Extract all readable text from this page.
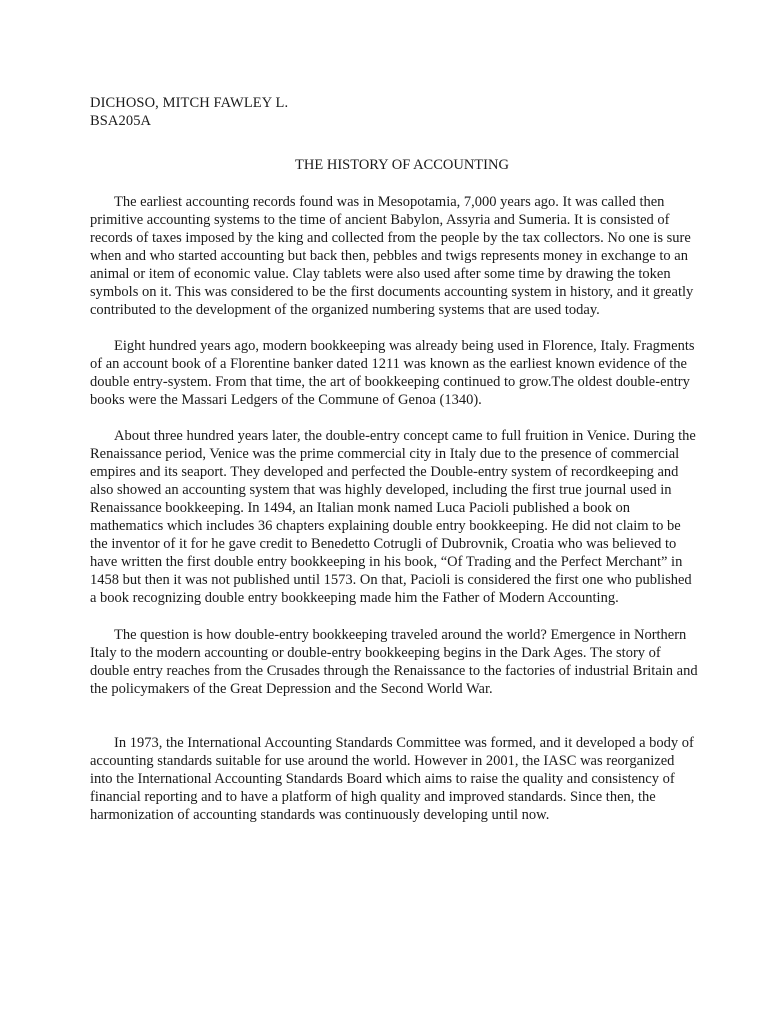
DICHOSO, MITCH FAWLEY L.

BSA205A

THE HISTORY OF ACCOUNTING

The earliest accounting records found was in Mesopotamia, 7,000 years ago. It was called then primitive accounting systems to the time of ancient Babylon, Assyria and Sumeria. It is consisted of records of taxes imposed by the king and collected from the people by the tax collectors. No one is sure when and who started accounting but back then, pebbles and twigs represents money in exchange to an animal or item of economic value. Clay tablets were also used after some time by drawing the token symbols on it. This was considered to be the first documents accounting system in history, and it greatly contributed to the development of the organized numbering systems that are used today.

Eight hundred years ago, modern bookkeeping was already being used in Florence, Italy. Fragments of an account book of a Florentine banker dated 1211 was known as the earliest known evidence of the double entry-system. From that time, the art of bookkeeping continued to grow.The oldest double-entry books were the Massari Ledgers of the Commune of Genoa (1340).

About three hundred years later, the double-entry concept came to full fruition in Venice. During the Renaissance period, Venice was the prime commercial city in Italy due to the presence of commercial empires and its seaport. They developed and perfected the Double-entry system of recordkeeping and also showed an accounting system that was highly developed, including the first true journal used in Renaissance bookkeeping. In 1494, an Italian monk named Luca Pacioli published a book on mathematics which includes 36 chapters explaining double entry bookkeeping. He did not claim to be the inventor of it for he gave credit to Benedetto Cotrugli of Dubrovnik, Croatia who was believed to have written the first double entry bookkeeping in his book, “Of Trading and the Perfect Merchant” in 1458 but then it was not published until 1573. On that, Pacioli is considered the first one who published a book recognizing double entry bookkeeping made him the Father of Modern Accounting.

The question is how double-entry bookkeeping traveled around the world? Emergence in Northern Italy to the modern accounting or double-entry bookkeeping begins in the Dark Ages. The story of double entry reaches from the Crusades through the Renaissance to the factories of industrial Britain and the policymakers of the Great Depression and the Second World War.

In 1973, the International Accounting Standards Committee was formed, and it developed a body of accounting standards suitable for use around the world. However in 2001, the IASC was reorganized into the International Accounting Standards Board which aims to raise the quality and consistency of financial reporting and to have a platform of high quality and improved standards. Since then, the harmonization of accounting standards was continuously developing until now.
